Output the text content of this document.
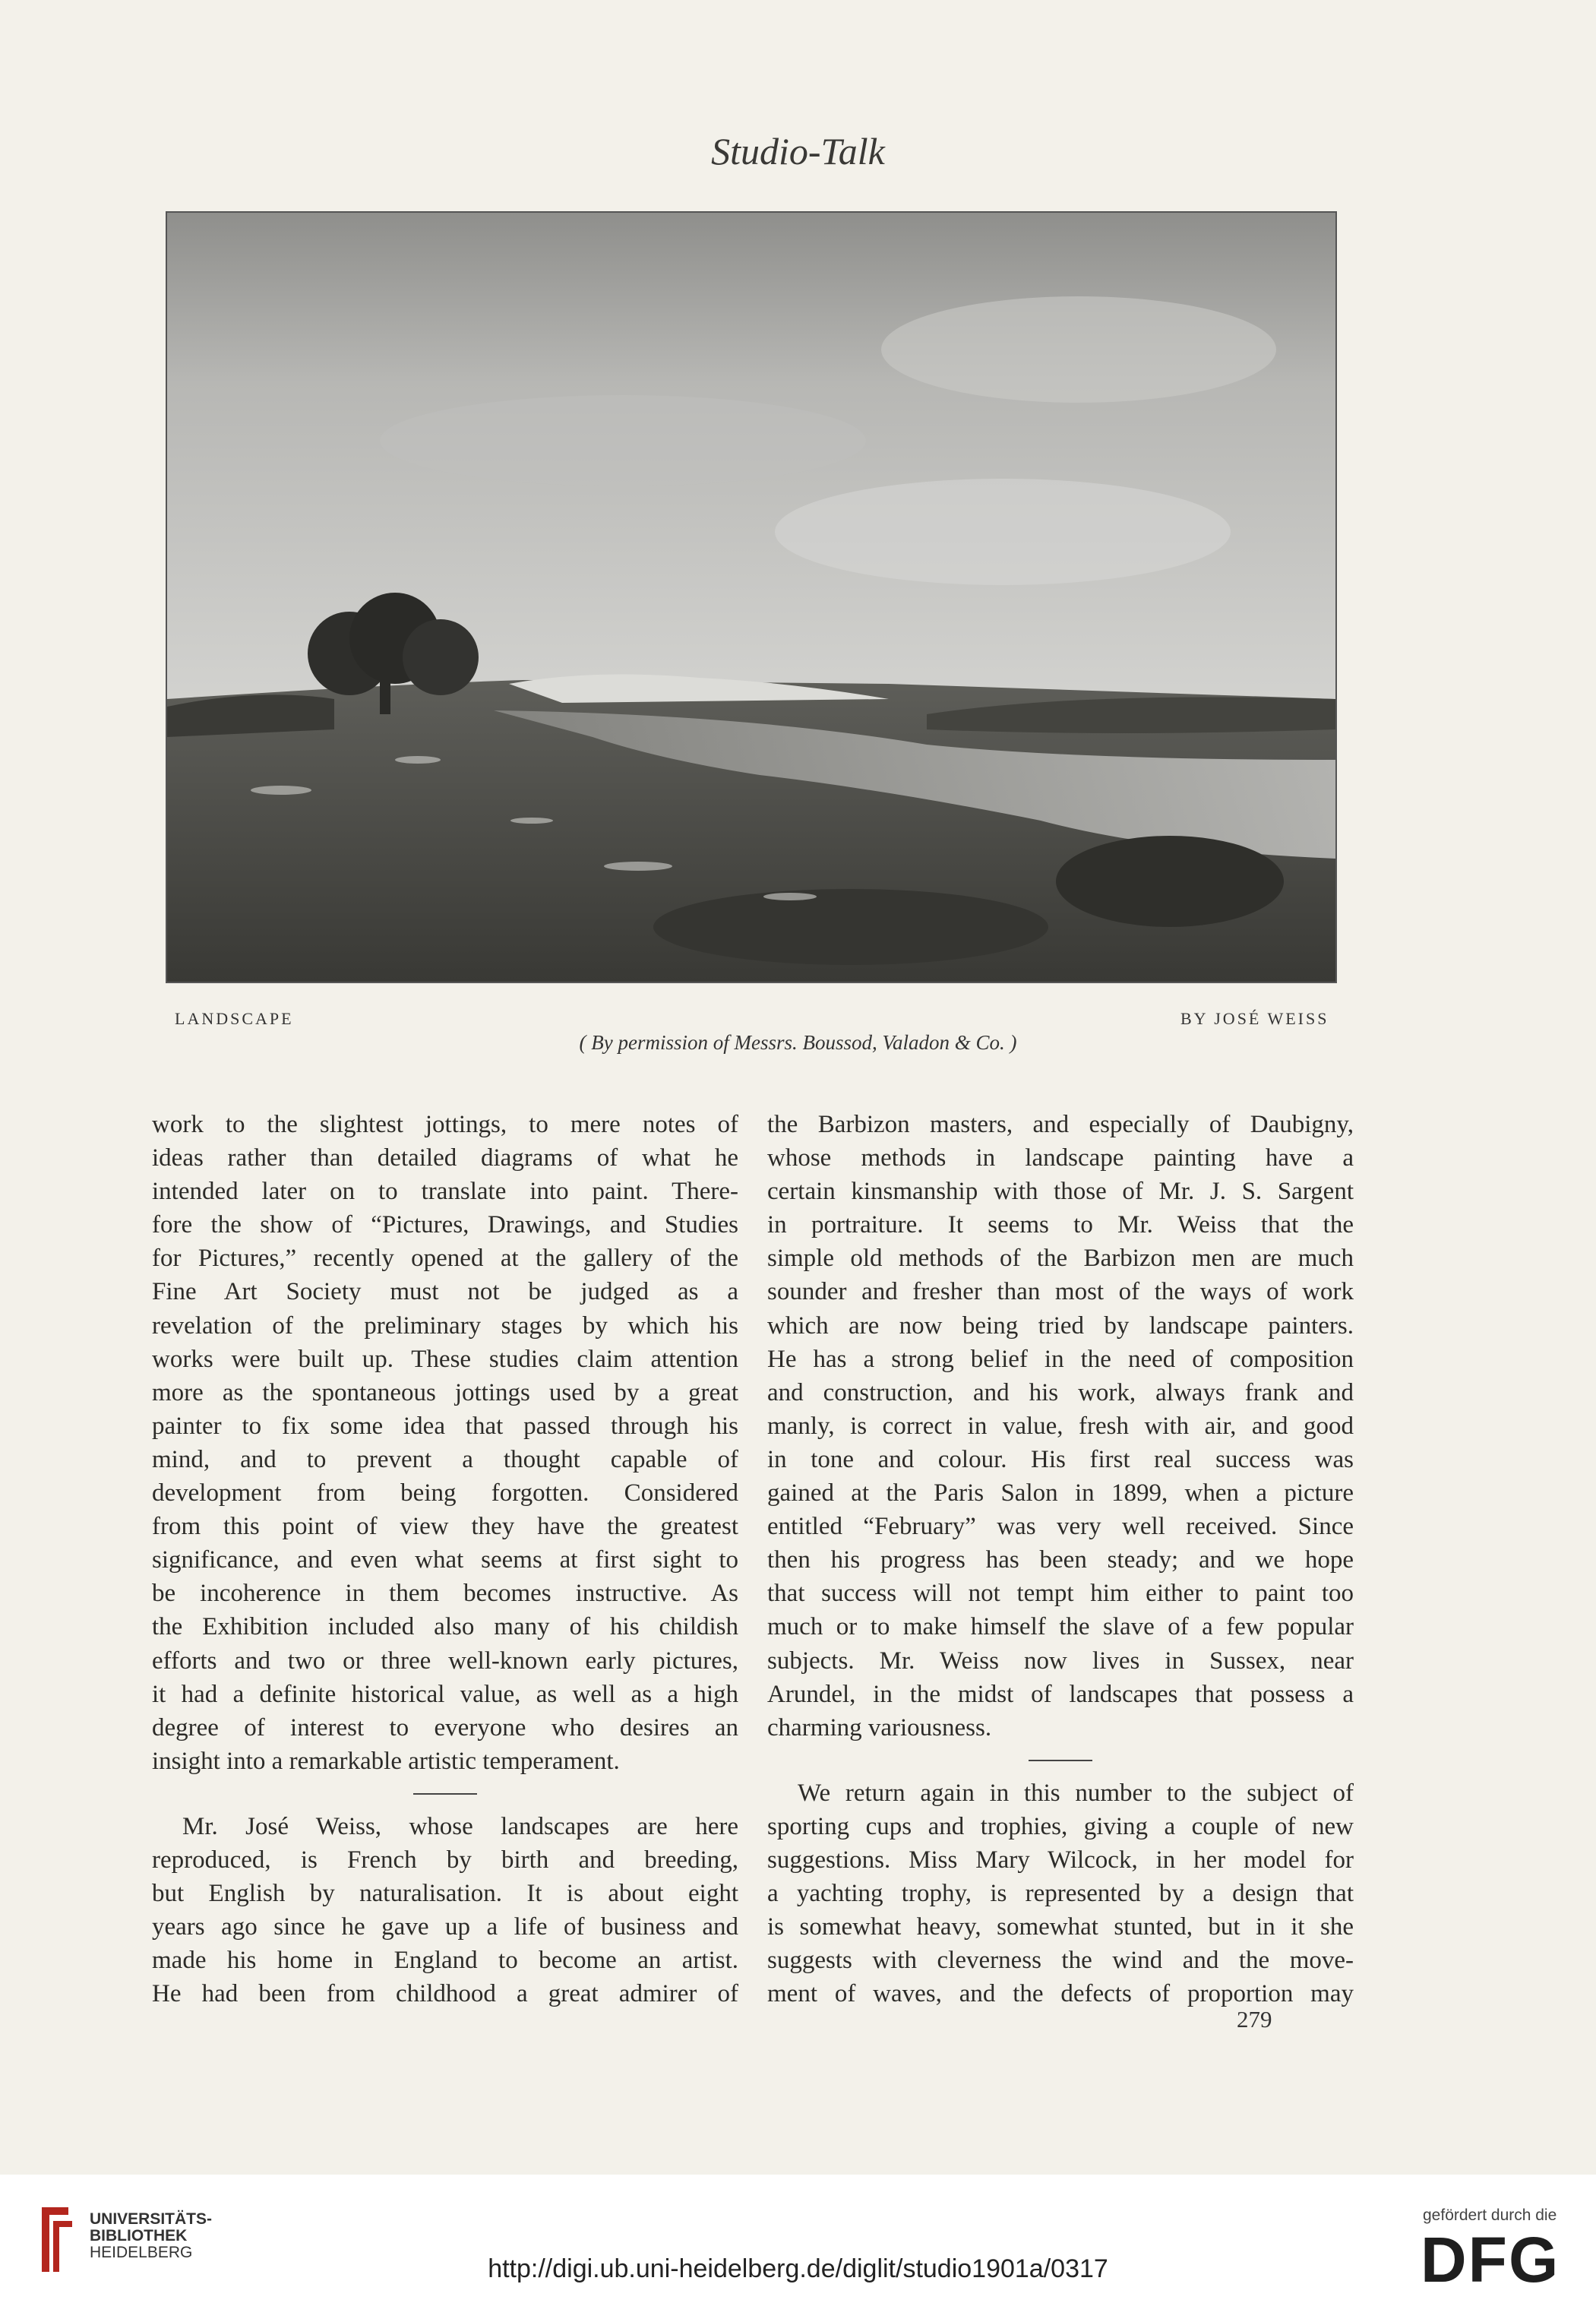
Studio-Talk
LANDSCAPE	BY JOSÉ WEISS
( By permission of Messrs. Boussod, Valadon & Co. )

work to the slightest jottings, to mere notes of
ideas rather than detailed diagrams of what he
intended later on to translate into paint. There-
fore the show of “Pictures, Drawings, and Studies
for Pictures,” recently opened at the gallery of the
Fine Art Society must not be judged as a
revelation of the preliminary stages by which his
works were built up. These studies claim attention
more as the spontaneous jottings used by a great
painter to fix some idea that passed through his
mind, and to prevent a thought capable of
development from being forgotten. Considered
from this point of view they have the greatest
significance, and even what seems at first sight to
be incoherence in them becomes instructive. As
the Exhibition included also many of his childish
efforts and two or three well-known early pictures,
it had a definite historical value, as well as a high
degree of interest to everyone who desires an
insight into a remarkable artistic temperament.

Mr. José Weiss, whose landscapes are here
reproduced, is French by birth and breeding,
but English by naturalisation. It is about eight
years ago since he gave up a life of business and
made his home in England to become an artist.
He had been from childhood a great admirer of

the Barbizon masters, and especially of Daubigny,
whose methods in landscape painting have a
certain kinsmanship with those of Mr. J. S. Sargent
in portraiture. It seems to Mr. Weiss that the
simple old methods of the Barbizon men are much
sounder and fresher than most of the ways of work
which are now being tried by landscape painters.
He has a strong belief in the need of composition
and construction, and his work, always frank and
manly, is correct in value, fresh with air, and good
in tone and colour. His first real success was
gained at the Paris Salon in 1899, when a picture
entitled “February” was very well received. Since
then his progress has been steady; and we hope
that success will not tempt him either to paint too
much or to make himself the slave of a few popular
subjects. Mr. Weiss now lives in Sussex, near
Arundel, in the midst of landscapes that possess a
charming variousness.

We return again in this number to the subject of
sporting cups and trophies, giving a couple of new
suggestions. Miss Mary Wilcock, in her model for
a yachting trophy, is represented by a design that
is somewhat heavy, somewhat stunted, but in it she
suggests with cleverness the wind and the move-
ment of waves, and the defects of proportion may

279
UNIVERSITÄTS-
BIBLIOTHEK
HEIDELBERG
http://digi.ub.uni-heidelberg.de/diglit/studio1901a/0317
gefördert durch die
DFG
